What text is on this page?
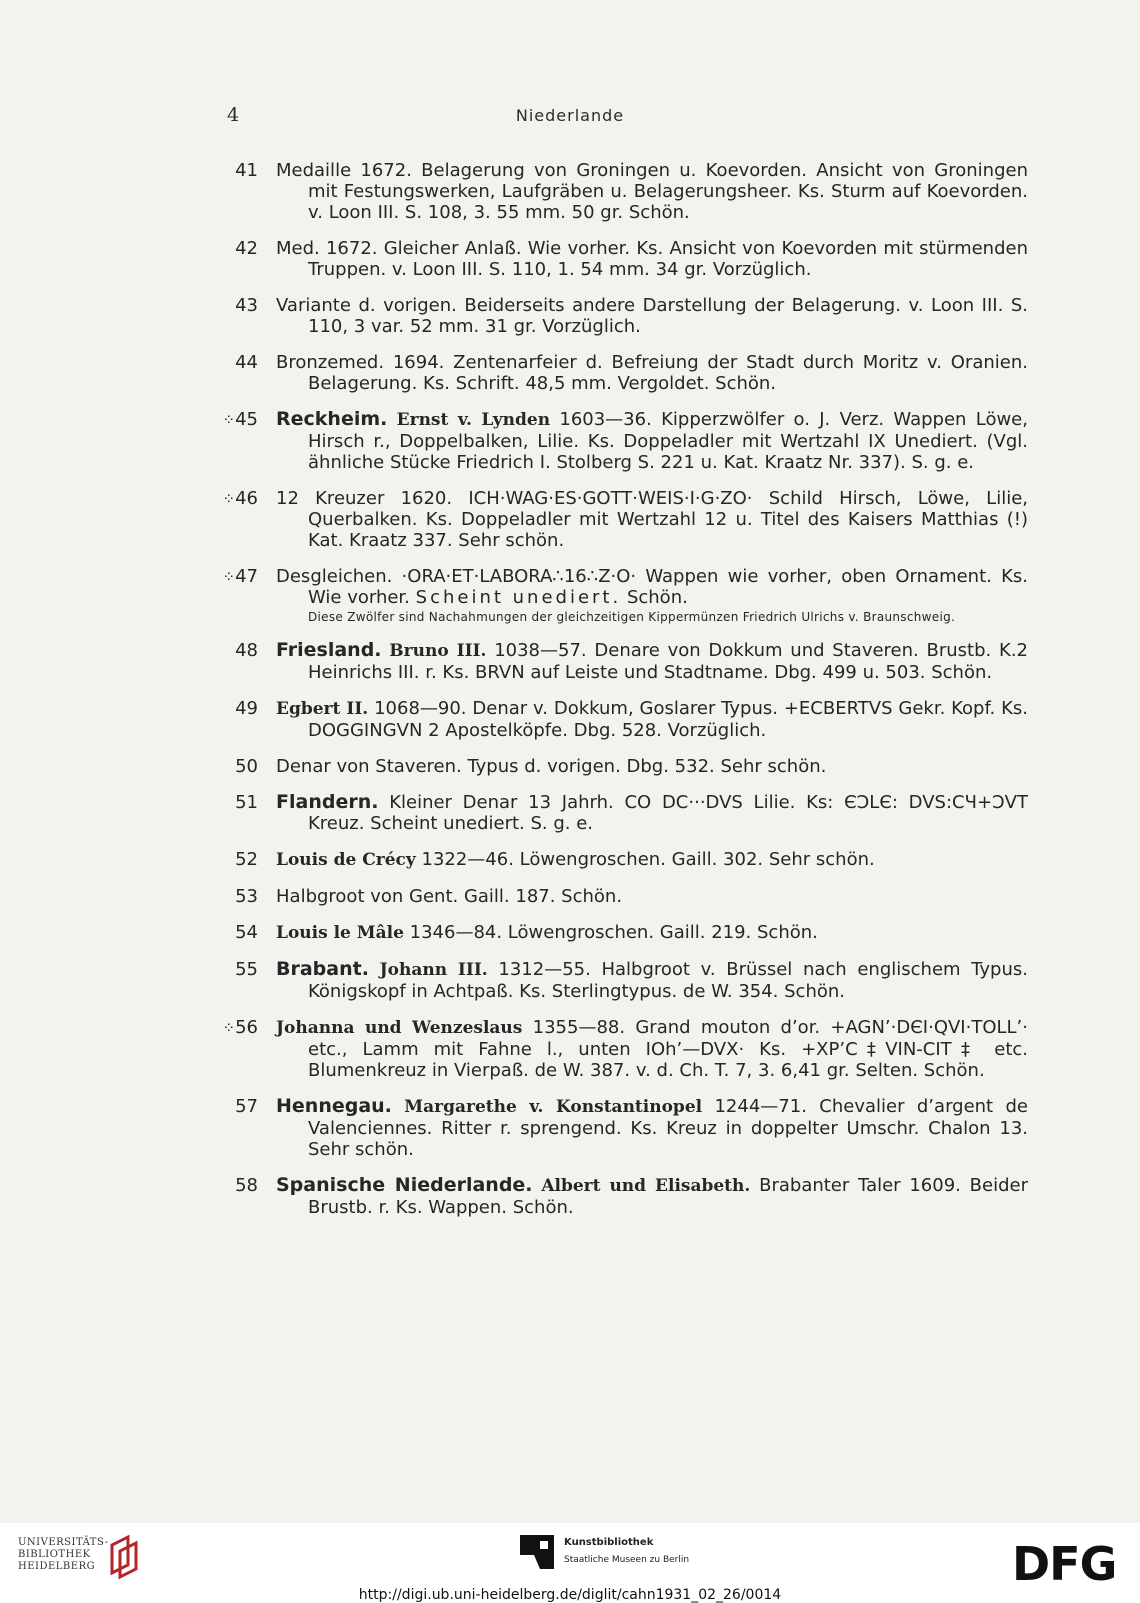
4	Niederlande
41 Medaille 1672. Belagerung von Groningen u. Koevorden. Ansicht von Groningen mit Festungswerken, Laufgräben u. Belagerungsheer. Ks. Sturm auf Koevorden. v. Loon III. S. 108, 3. 55 mm. 50 gr. Schön.
42 Med. 1672. Gleicher Anlaß. Wie vorher. Ks. Ansicht von Koevorden mit stürmenden Truppen. v. Loon III. S. 110, 1. 54 mm. 34 gr. Vorzüglich.
43 Variante d. vorigen. Beiderseits andere Darstellung der Belagerung. v. Loon III. S. 110, 3 var. 52 mm. 31 gr. Vorzüglich.
44 Bronzemed. 1694. Zentenarfeier d. Befreiung der Stadt durch Moritz v. Oranien. Belagerung. Ks. Schrift. 48,5 mm. Vergoldet. Schön.
⁘45 Reckheim. Ernst v. Lynden 1603—36. Kipperzwölfer o. J. Verz. Wappen Löwe, Hirsch r., Doppelbalken, Lilie. Ks. Doppeladler mit Wertzahl IX Unediert. (Vgl. ähnliche Stücke Friedrich I. Stolberg S. 221 u. Kat. Kraatz Nr. 337). S. g. e.
⁘46 12 Kreuzer 1620. ICH·WAG·ES·GOTT·WEIS·I·G·ZO· Schild Hirsch, Löwe, Lilie, Querbalken. Ks. Doppeladler mit Wertzahl 12 u. Titel des Kaisers Matthias (!) Kat. Kraatz 337. Sehr schön.
⁘47 Desgleichen. ·ORA·ET·LABORA∴16∴Z·O· Wappen wie vorher, oben Ornament. Ks. Wie vorher. Scheint unediert. Schön.
Diese Zwölfer sind Nachahmungen der gleichzeitigen Kippermünzen Friedrich Ulrichs v. Braunschweig.
48	2
Friesland. Bruno III. 1038—57. Denare von Dokkum und Staveren. Brustb. K. Heinrichs III. r. Ks. BRVN auf Leiste und Stadtname. Dbg. 499 u. 503. Schön.
49 Egbert II. 1068—90. Denar v. Dokkum, Goslarer Typus. +ECBERTVS Gekr. Kopf. Ks. DOGGINGVN 2 Apostelköpfe. Dbg. 528. Vorzüglich.
50 Denar von Staveren. Typus d. vorigen. Dbg. 532. Sehr schön.
51 Flandern. Kleiner Denar 13 Jahrh. CO DC···DVS Lilie. Ks: ЄƆLЄ: DVS:CЧ+ƆVT Kreuz. Scheint unediert. S. g. e.
52 Louis de Crécy 1322—46. Löwengroschen. Gaill. 302. Sehr schön.
53 Halbgroot von Gent. Gaill. 187. Schön.
54 Louis le Mâle 1346—84. Löwengroschen. Gaill. 219. Schön.
55 Brabant. Johann III. 1312—55. Halbgroot v. Brüssel nach englischem Typus. Königskopf in Achtpaß. Ks. Sterlingtypus. de W. 354. Schön.
⁘56 Johanna und Wenzeslaus 1355—88. Grand mouton d’or. +AGN’·DЄI·QVI·TOLL’· etc., Lamm mit Fahne l., unten IOh’—DVX· Ks. +XP’C‡VIN-CIT‡ etc. Blumenkreuz in Vierpaß. de W. 387. v. d. Ch. T. 7, 3. 6,41 gr. Selten. Schön.
57 Hennegau. Margarethe v. Konstantinopel 1244—71. Chevalier d’argent de Valenciennes. Ritter r. sprengend. Ks. Kreuz in doppelter Umschr. Chalon 13. Sehr schön.
58 Spanische Niederlande. Albert und Elisabeth. Brabanter Taler 1609. Beider Brustb. r. Ks. Wappen. Schön.
UNIVERSITÄTS-
BIBLIOTHEK
HEIDELBERG
Kunstbibliothek
Staatliche Museen zu Berlin	DFG
http://digi.ub.uni-heidelberg.de/diglit/cahn1931_02_26/0014
